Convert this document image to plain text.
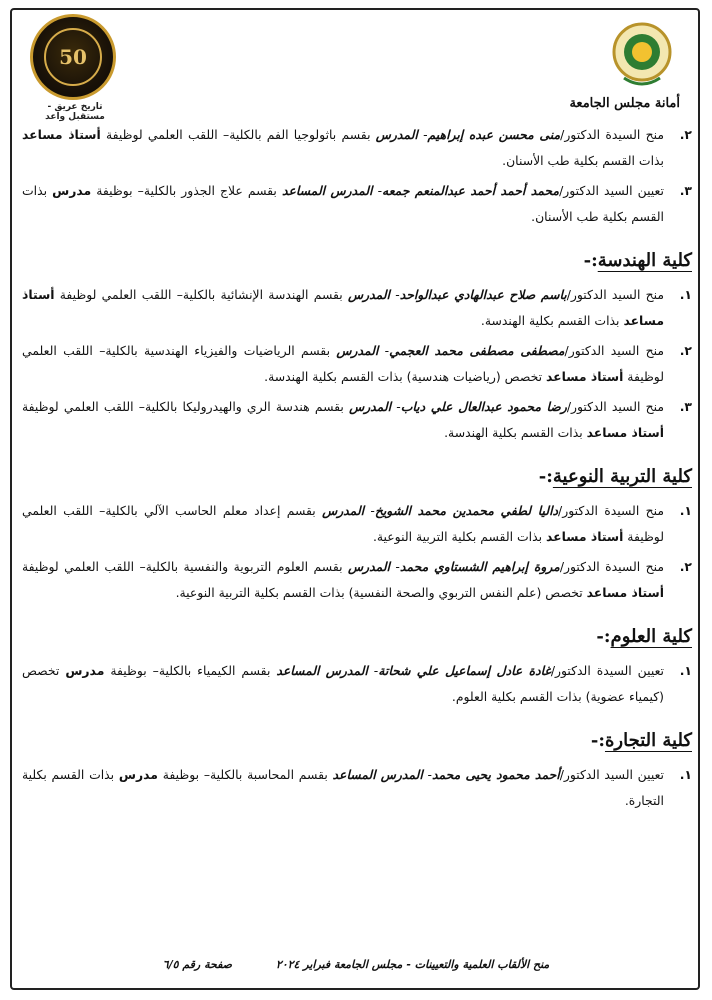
50
تاريخ عريق - مستقبل واعد
أمانة مجلس الجامعة
٢.
منح السيدة الدكتور/منى محسن عبده إبراهيم- المدرس بقسم باثولوجيا الفم بالكلية– اللقب العلمي لوظيفة أستاذ مساعد بذات القسم بكلية طب الأسنان.
٣.
تعيين السيد الدكتور/محمد أحمد أحمد عبدالمنعم جمعه- المدرس المساعد بقسم علاج الجذور بالكلية– بوظيفة مدرس بذات القسم بكلية طب الأسنان.
كلية الهندسة:-
١.
منح السيد الدكتور/باسم صلاح عبدالهادي عبدالواحد- المدرس بقسم الهندسة الإنشائية بالكلية– اللقب العلمي لوظيفة أستاذ مساعد بذات القسم بكلية الهندسة.
٢.
منح السيد الدكتور/مصطفى مصطفى محمد العجمي- المدرس بقسم الرياضيات والفيزياء الهندسية بالكلية– اللقب العلمي لوظيفة أستاذ مساعد تخصص (رياضيات هندسية) بذات القسم بكلية الهندسة.
٣.
منح السيد الدكتور/رضا محمود عبدالعال علي دياب- المدرس بقسم هندسة الري والهيدروليكا بالكلية– اللقب العلمي لوظيفة أستاذ مساعد بذات القسم بكلية الهندسة.
كلية التربية النوعية:-
١.
منح السيدة الدكتور/داليا لطفي محمدين محمد الشويخ- المدرس بقسم إعداد معلم الحاسب الآلي بالكلية– اللقب العلمي لوظيفة أستاذ مساعد بذات القسم بكلية التربية النوعية.
٢.
منح السيدة الدكتور/مروة إبراهيم الشستاوي محمد- المدرس بقسم العلوم التربوية والنفسية بالكلية– اللقب العلمي لوظيفة أستاذ مساعد تخصص (علم النفس التربوي والصحة النفسية) بذات القسم بكلية التربية النوعية.
كلية العلوم:-
١.
تعيين السيدة الدكتور/غادة عادل إسماعيل علي شحاتة- المدرس المساعد بقسم الكيمياء بالكلية– بوظيفة مدرس تخصص (كيمياء عضوية) بذات القسم بكلية العلوم.
كلية التجارة:-
١.
تعيين السيد الدكتور/أحمد محمود يحيى محمد- المدرس المساعد بقسم المحاسبة بالكلية– بوظيفة مدرس بذات القسم بكلية التجارة.
منح الألقاب العلمية والتعيينات - مجلس الجامعة فبراير ٢٠٢٤ صفحة رقم ٦/٥
